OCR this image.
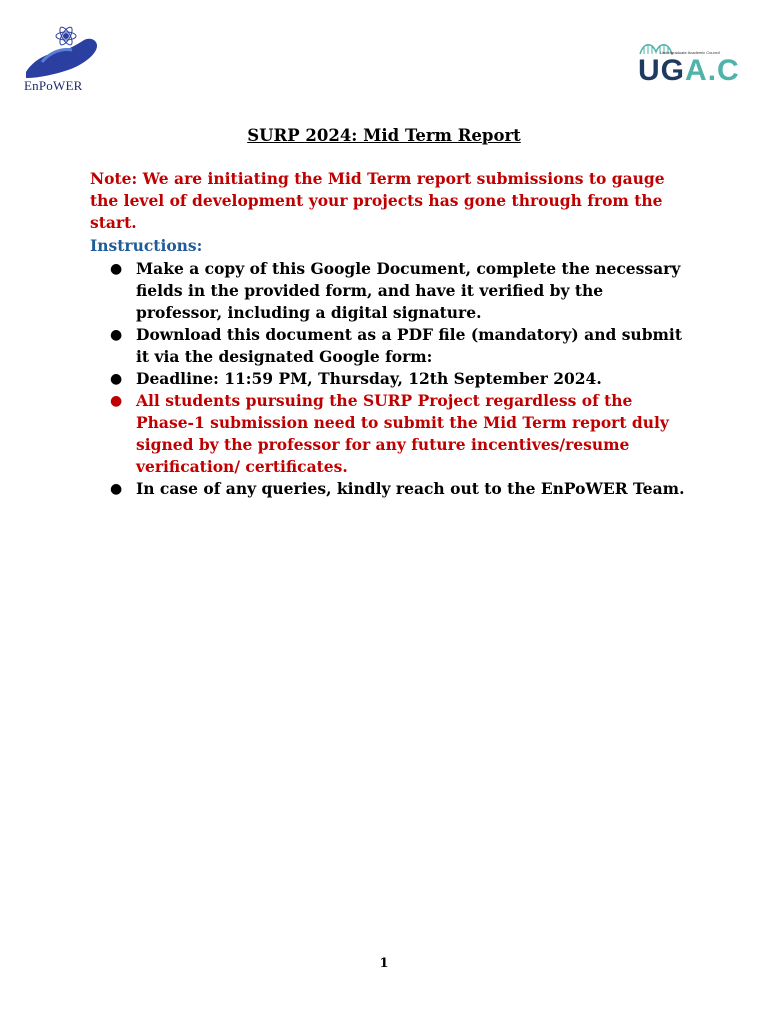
EnPoWER
Undergraduate Academic Council
UGA.C
SURP 2024: Mid Term Report
Note: We are initiating the Mid Term report submissions to gauge the level of development your projects has gone through from the start.
Instructions:
● Make a copy of this Google Document, complete the necessary fields in the provided form, and have it verified by the professor, including a digital signature.
● Download this document as a PDF file (mandatory) and submit it via the designated Google form:
● Deadline: 11:59 PM, Thursday, 12th September 2024.
● All students pursuing the SURP Project regardless of the Phase-1 submission need to submit the Mid Term report duly signed by the professor for any future incentives/resume verification/ certificates.
● In case of any queries, kindly reach out to the EnPoWER Team.
1
